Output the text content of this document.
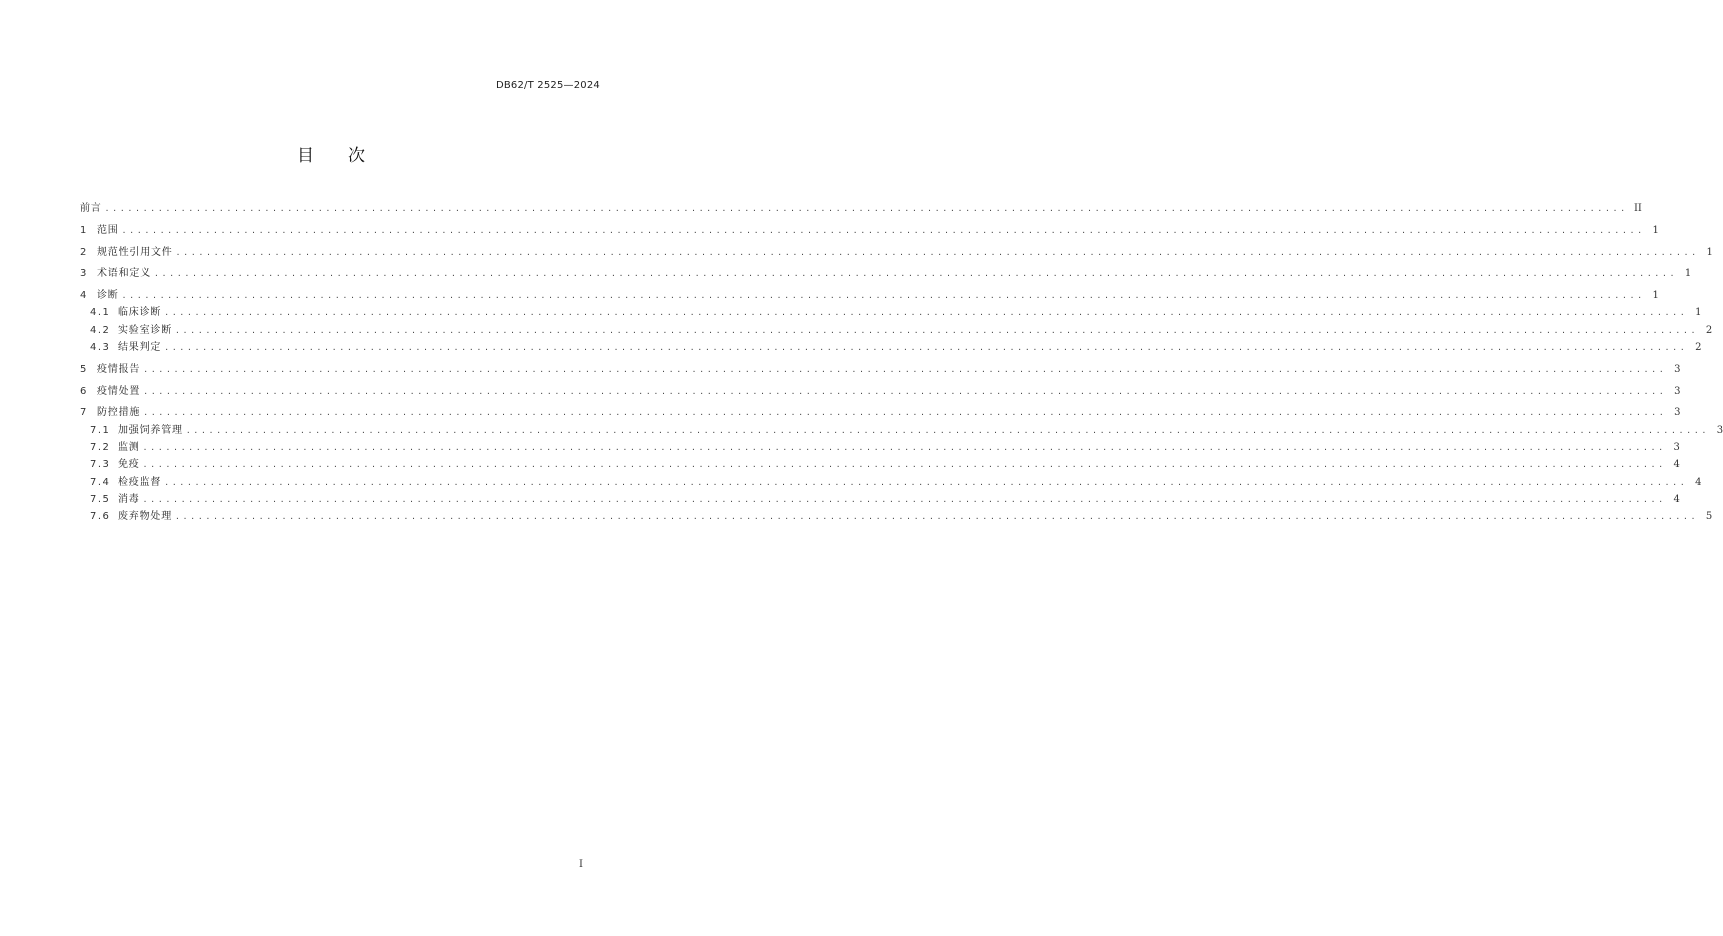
DB62/T 2525—2024
目 次
前言 ........................................................................................................................................................................................................ II
1	范围 ........................................................................................................................................................................................................ 1
2	规范性引用文件 ........................................................................................................................................................................................................ 1
3	术语和定义 ........................................................................................................................................................................................................ 1
4	诊断 ........................................................................................................................................................................................................ 1
4.1 临床诊断 ........................................................................................................................................................................................................ 1
4.2 实验室诊断 ........................................................................................................................................................................................................ 2
4.3 结果判定 ........................................................................................................................................................................................................ 2
5	疫情报告 ........................................................................................................................................................................................................ 3
6	疫情处置 ........................................................................................................................................................................................................ 3
7	防控措施 ........................................................................................................................................................................................................ 3
7.1 加强饲养管理 ........................................................................................................................................................................................................ 3
7.2 监测 ........................................................................................................................................................................................................ 3
7.3 免疫 ........................................................................................................................................................................................................ 4
7.4 检疫监督 ........................................................................................................................................................................................................ 4
7.5 消毒 ........................................................................................................................................................................................................ 4
7.6 废弃物处理 ........................................................................................................................................................................................................ 5
I
